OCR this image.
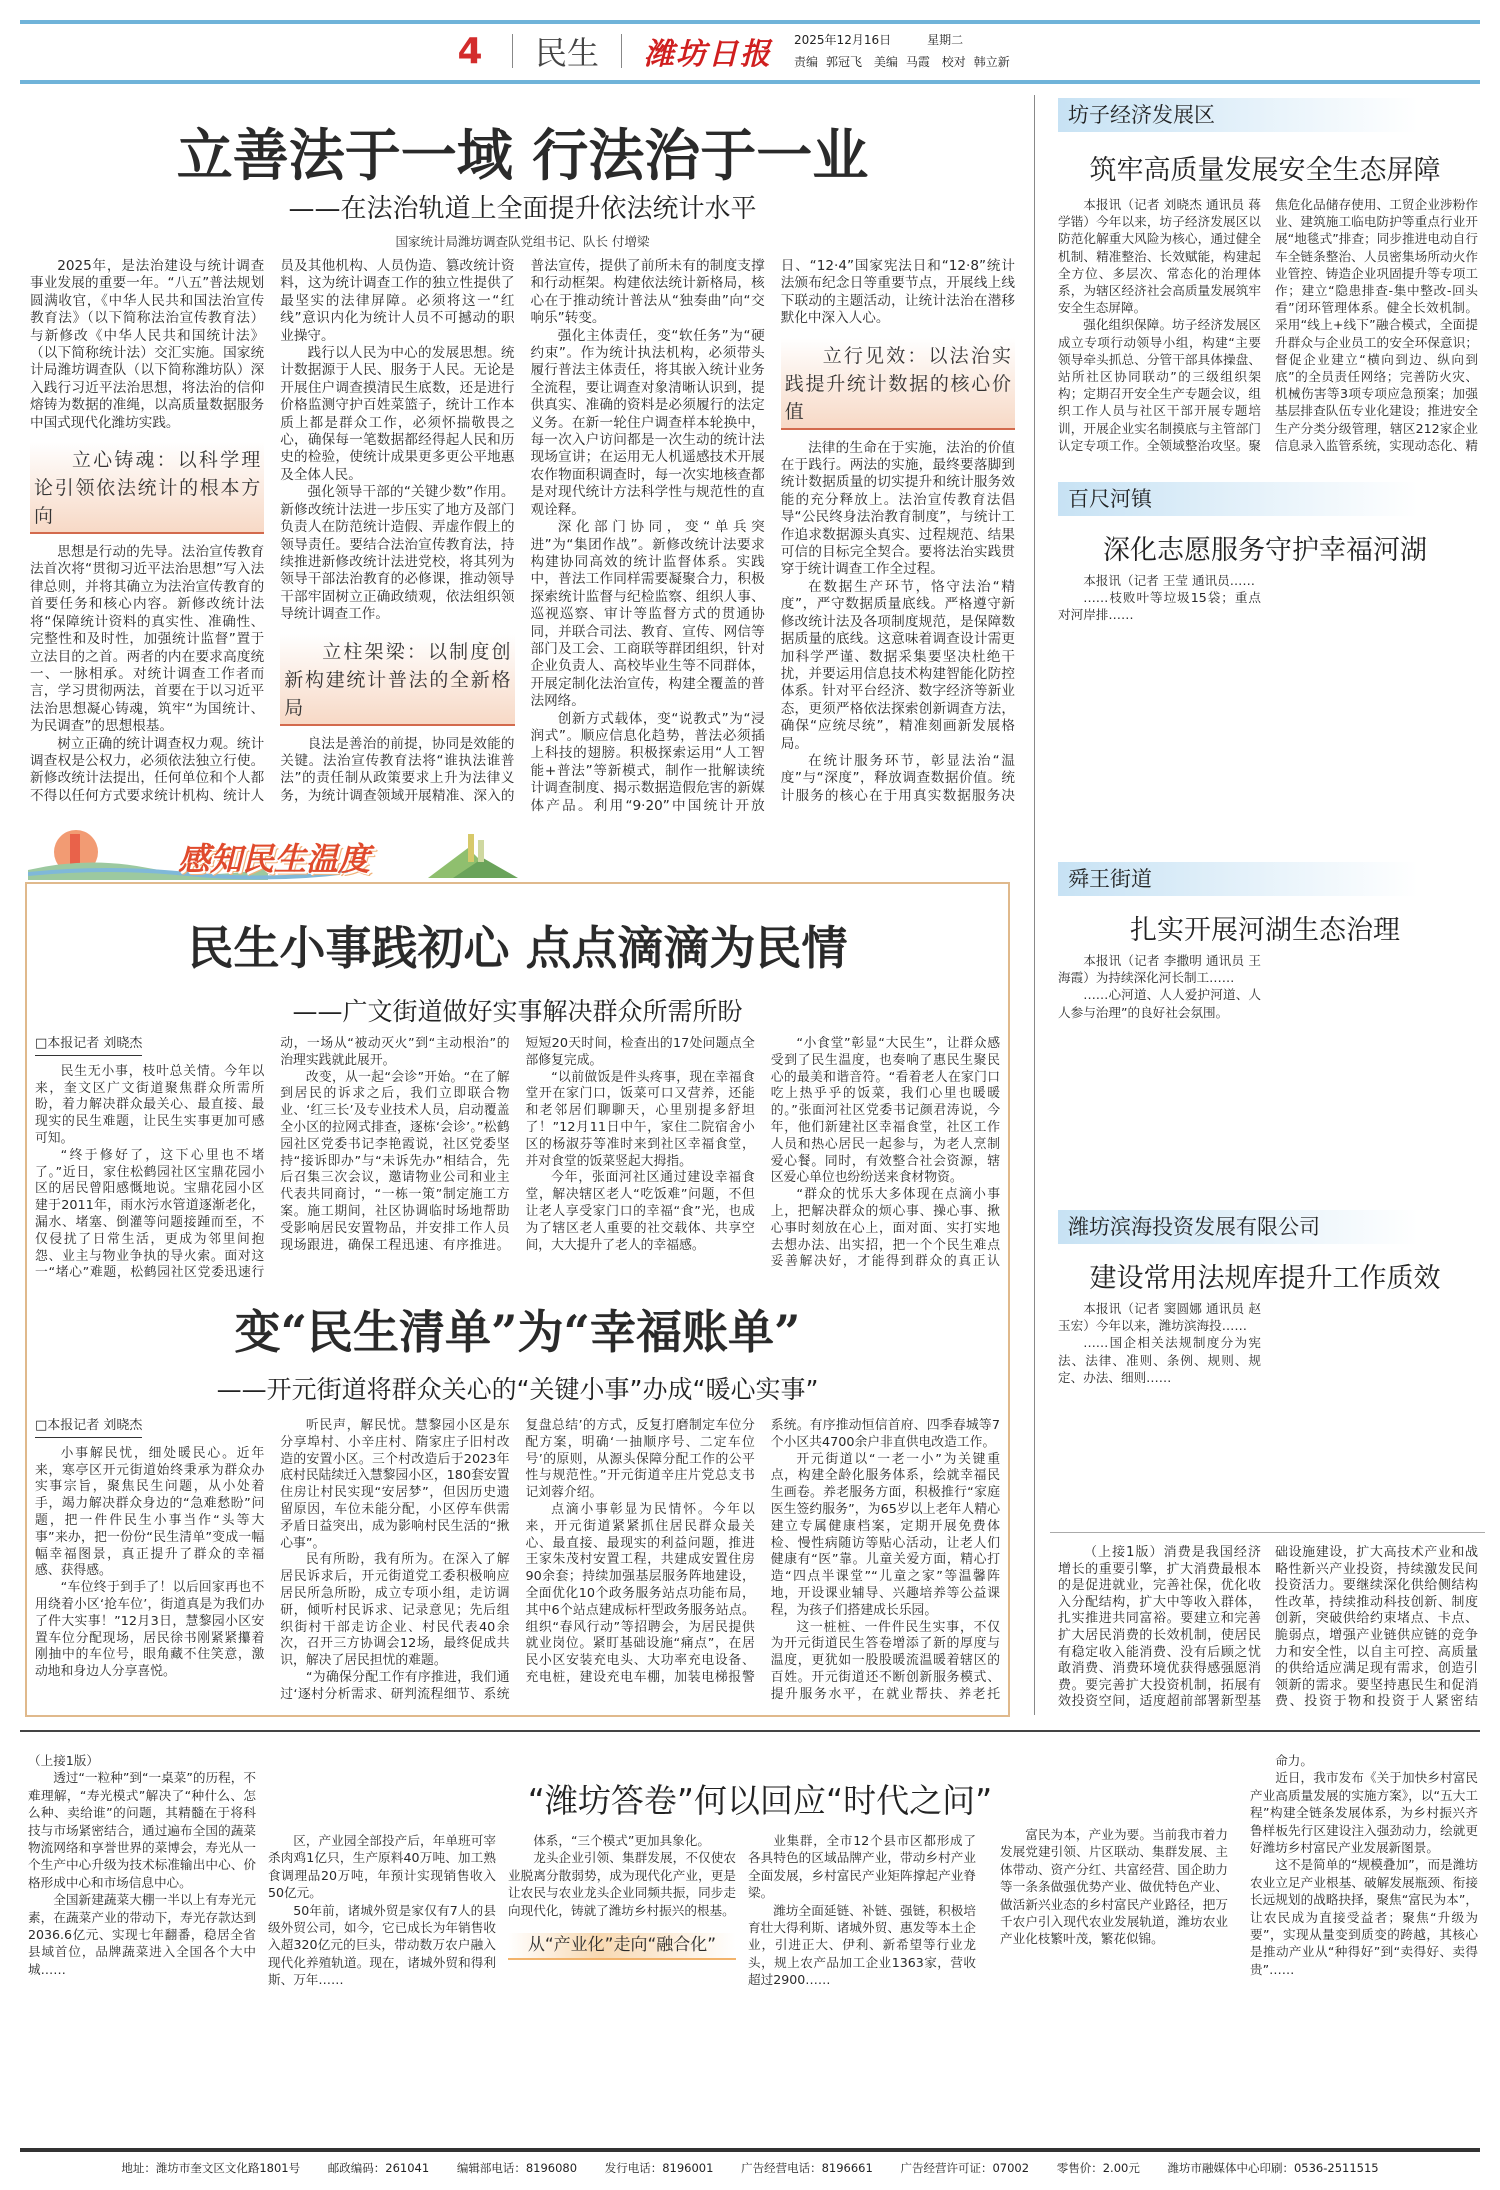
4 民生 潍坊日报 2025年12月16日	星期二
责编 郭冠飞 美编 马霞 校对 韩立新
立善法于一域 行法治于一业
——在法治轨道上全面提升依法统计水平
国家统计局潍坊调查队党组书记、队长 付增梁

2025年，是法治建设与统计调查事业发展的重要一年。“八五”普法规划圆满收官，《中华人民共和国法治宣传教育法》（以下简称法治宣传教育法）与新修改《中华人民共和国统计法》（以下简称统计法）交汇实施。国家统计局潍坊调查队（以下简称潍坊队）深入践行习近平法治思想，将法治的信仰熔铸为数据的准绳，以高质量数据服务中国式现代化潍坊实践。

立心铸魂：以科学理论引领依法统计的根本方向

思想是行动的先导。法治宣传教育法首次将“贯彻习近平法治思想”写入法律总则，并将其确立为法治宣传教育的首要任务和核心内容。新修改统计法将“保障统计资料的真实性、准确性、完整性和及时性，加强统计监督”置于立法目的之首。两者的内在要求高度统一、一脉相承。对统计调查工作者而言，学习贯彻两法，首要在于以习近平法治思想凝心铸魂，筑牢“为国统计、为民调查”的思想根基。

树立正确的统计调查权力观。统计调查权是公权力，必须依法独立行使。新修改统计法提出，任何单位和个人都不得以任何方式要求统计机构、统计人员及其他机构、人员伪造、篡改统计资料，这为统计调查工作的独立性提供了最坚实的法律屏障。必须将这一“红线”意识内化为统计人员不可撼动的职业操守。

践行以人民为中心的发展思想。统计数据源于人民、服务于人民。无论是开展住户调查摸清民生底数，还是进行价格监测守护百姓菜篮子，统计工作本质上都是群众工作，必须怀揣敬畏之心，确保每一笔数据都经得起人民和历史的检验，使统计成果更多更公平地惠及全体人民。

强化领导干部的“关键少数”作用。新修改统计法进一步压实了地方及部门负责人在防范统计造假、弄虚作假上的领导责任。要结合法治宣传教育法，持续推进新修改统计法进党校，将其列为领导干部法治教育的必修课，推动领导干部牢固树立正确政绩观，依法组织领导统计调查工作。

立柱架梁：以制度创新构建统计普法的全新格局

良法是善治的前提，协同是效能的关键。法治宣传教育法将“谁执法谁普法”的责任制从政策要求上升为法律义务，为统计调查领域开展精准、深入的普法宣传，提供了前所未有的制度支撑和行动框架。构建依法统计新格局，核心在于推动统计普法从“独奏曲”向“交响乐”转变。

强化主体责任，变“软任务”为“硬约束”。作为统计执法机构，必须带头履行普法主体责任，将其嵌入统计业务全流程，要让调查对象清晰认识到，提供真实、准确的资料是必须履行的法定义务。在新一轮住户调查样本轮换中，每一次入户访问都是一次生动的统计法现场宣讲；在运用无人机遥感技术开展农作物面积调查时，每一次实地核查都是对现代统计方法科学性与规范性的直观诠释。

深化部门协同，变“单兵突进”为“集团作战”。新修改统计法要求构建协同高效的统计监督体系。实践中，普法工作同样需要凝聚合力，积极探索统计监督与纪检监察、组织人事、巡视巡察、审计等监督方式的贯通协同，并联合司法、教育、宣传、网信等部门及工会、工商联等群团组织，针对企业负责人、高校毕业生等不同群体，开展定制化法治宣传，构建全覆盖的普法网络。

创新方式载体，变“说教式”为“浸润式”。顺应信息化趋势，普法必须插上科技的翅膀。积极探索运用“人工智能+普法”等新模式，制作一批解读统计调查制度、揭示数据造假危害的新媒体产品。利用“9·20”中国统计开放日、“12·4”国家宪法日和“12·8”统计法颁布纪念日等重要节点，开展线上线下联动的主题活动，让统计法治在潜移默化中深入人心。

立行见效：以法治实践提升统计数据的核心价值

法律的生命在于实施，法治的价值在于践行。两法的实施，最终要落脚到统计数据质量的切实提升和统计服务效能的充分释放上。法治宣传教育法倡导“公民终身法治教育制度”，与统计工作追求数据源头真实、过程规范、结果可信的目标完全契合。要将法治实践贯穿于统计调查工作全过程。

在数据生产环节，恪守法治“精度”，严守数据质量底线。严格遵守新修改统计法及各项制度规范，是保障数据质量的底线。这意味着调查设计需更加科学严谨、数据采集要坚决杜绝干扰，并要运用信息技术构建智能化防控体系。针对平台经济、数字经济等新业态，更须严格依法探索创新调查方法，确保“应统尽统”，精准刻画新发展格局。

在统计服务环节，彰显法治“温度”与“深度”，释放调查数据价值。统计服务的核心在于用真实数据服务决

感知民生温度
民生小事践初心 点点滴滴为民情
——广文街道做好实事解决群众所需所盼
□本报记者 刘晓杰

民生无小事，枝叶总关情。今年以来，奎文区广文街道聚焦群众所需所盼，着力解决群众最关心、最直接、最现实的民生难题，让民生实事更加可感可知。

“终于修好了，这下心里也不堵了。”近日，家住松鹤园社区宝鼎花园小区的居民曾阳感慨地说。宝鼎花园小区建于2011年，雨水污水管道逐渐老化，漏水、堵塞、倒灌等问题接踵而至，不仅侵扰了日常生活，更成为邻里间抱怨、业主与物业争执的导火索。面对这一“堵心”难题，松鹤园社区党委迅速行动，一场从“被动灭火”到“主动根治”的治理实践就此展开。

改变，从一起“会诊”开始。“在了解到居民的诉求之后，我们立即联合物业、‘红三长’及专业技术人员，启动覆盖全小区的拉网式排查，逐栋‘会诊’。”松鹤园社区党委书记李艳霞说，社区党委坚持“接诉即办”与“未诉先办”相结合，先后召集三次会议，邀请物业公司和业主代表共同商讨，“一栋一策”制定施工方案。施工期间，社区协调临时场地帮助受影响居民安置物品，并安排工作人员现场跟进，确保工程迅速、有序推进。短短20天时间，检查出的17处问题点全部修复完成。

“以前做饭是件头疼事，现在幸福食堂开在家门口，饭菜可口又营养，还能和老邻居们聊聊天，心里别提多舒坦了！”12月11日中午，家住二院宿舍小区的杨淑芬等准时来到社区幸福食堂，并对食堂的饭菜竖起大拇指。

今年，张面河社区通过建设幸福食堂，解决辖区老人“吃饭难”问题，不但让老人享受家门口的幸福“食”光，也成为了辖区老人重要的社交载体、共享空间，大大提升了老人的幸福感。

“小食堂”彰显“大民生”，让群众感受到了民生温度，也奏响了惠民生聚民心的最美和谐音符。“看着老人在家门口吃上热乎乎的饭菜，我们心里也暖暖的。”张面河社区党委书记颜君涛说，今年，他们新建社区幸福食堂，社区工作人员和热心居民一起参与，为老人烹制爱心餐。同时，有效整合社会资源，辖区爱心单位也纷纷送来食材物资。

“群众的忧乐大多体现在点滴小事上，把解决群众的烦心事、操心事、揪心事时刻放在心上，面对面、实打实地去想办法、出实招，把一个个民生难点妥善解决好，才能得到群众的真正认

变“民生清单”为“幸福账单”
——开元街道将群众关心的“关键小事”办成“暖心实事”
□本报记者 刘晓杰

小事解民忧，细处暖民心。近年来，寒亭区开元街道始终秉承为群众办实事宗旨，聚焦民生问题，从小处着手，竭力解决群众身边的“急难愁盼”问题，把一件件民生小事当作“头等大事”来办，把一份份“民生清单”变成一幅幅幸福图景，真正提升了群众的幸福感、获得感。

“车位终于到手了！以后回家再也不用绕着小区‘抢车位’，街道真是为我们办了件大实事！”12月3日，慧黎园小区安置车位分配现场，居民徐书刚紧紧攥着刚抽中的车位号，眼角藏不住笑意，激动地和身边人分享喜悦。

听民声，解民忧。慧黎园小区是东分享埠村、小辛庄村、隋家庄子旧村改造的安置小区。三个村改造后于2023年底村民陆续迁入慧黎园小区，180套安置住房让村民实现“安居梦”，但因历史遗留原因，车位未能分配，小区停车供需矛盾日益突出，成为影响村民生活的“揪心事”。

民有所盼，我有所为。在深入了解居民诉求后，开元街道党工委积极响应居民所急所盼，成立专项小组，走访调研，倾听村民诉求、记录意见；先后组织街村干部走访企业、村民代表40余次，召开三方协调会12场，最终促成共识，解决了居民担忧的难题。

“为确保分配工作有序推进，我们通过‘逐村分析需求、研判流程细节、系统复盘总结’的方式，反复打磨制定车位分配方案，明确‘一抽顺序号、二定车位号’的原则，从源头保障分配工作的公平性与规范性。”开元街道辛庄片党总支书记刘蓉介绍。

点滴小事彰显为民情怀。今年以来，开元街道紧紧抓住居民群众最关心、最直接、最现实的利益问题，推进王家朱茂村安置工程，共建成安置住房90余套；持续加强基层服务阵地建设，全面优化10个政务服务站点功能布局，其中6个站点建成标杆型政务服务站点。组织“春风行动”等招聘会，为居民提供就业岗位。紧盯基础设施“痛点”，在居民小区安装充电头、大功率充电设备、充电桩，建设充电车棚，加装电梯报警系统。有序推动恒信首府、四季春城等7个小区共4700余户非直供电改造工作。

开元街道以“一老一小”为关键重点，构建全龄化服务体系，绘就幸福民生画卷。养老服务方面，积极推行“家庭医生签约服务”，为65岁以上老年人精心建立专属健康档案，定期开展免费体检、慢性病随访等贴心活动，让老人们健康有“医”靠。儿童关爱方面，精心打造“四点半课堂”“儿童之家”等温馨阵地，开设课业辅导、兴趣培养等公益课程，为孩子们搭建成长乐园。

这一桩桩、一件件民生实事，不仅为开元街道民生答卷增添了新的厚度与温度，更犹如一股股暖流温暖着辖区的百姓。开元街道还不断创新服务模式、提升服务水平，在就业帮扶、养老托

坊子经济发展区
筑牢高质量发展安全生态屏障

本报讯（记者 刘晓杰 通讯员 蒋学锴）今年以来，坊子经济发展区以防范化解重大风险为核心，通过健全机制、精准整治、长效赋能，构建起全方位、多层次、常态化的治理体系，为辖区经济社会高质量发展筑牢安全生态屏障。

强化组织保障。坊子经济发展区成立专项行动领导小组，构建“主要领导牵头抓总、分管干部具体操盘、站所社区协同联动”的三级组织架构；定期召开安全生产专题会议，组织工作人员与社区干部开展专题培训，开展企业实名制摸底与主管部门认定专项工作。全领域整治攻坚。聚焦危化品储存使用、工贸企业涉粉作业、建筑施工临电防护等重点行业开展“地毯式”排查；同步推进电动自行车全链条整治、人员密集场所动火作业管控、铸造企业巩固提升等专项工作；建立“隐患排查-集中整改-回头看”闭环管理体系。健全长效机制。采用“线上+线下”融合模式，全面提升群众与企业员工的安全环保意识；督促企业建立“横向到边、纵向到底”的全员责任网络；完善防火灾、机械伤害等3项专项应急预案；加强基层排查队伍专业化建设；推进安全生产分类分级管理，辖区212家企业信息录入监管系统，实现动态化、精

百尺河镇
深化志愿服务守护幸福河湖

本报讯（记者 王莹 通讯员……

……枝败叶等垃圾15袋；重点对河岸排……

舜王街道
扎实开展河湖生态治理

本报讯（记者 李撒明 通讯员 王海霞）为持续深化河长制工……

……心河道、人人爱护河道、人人参与治理”的良好社会氛围。

潍坊滨海投资发展有限公司
建设常用法规库提升工作质效

本报讯（记者 窦圆娜 通讯员 赵玉宏）今年以来，潍坊滨海投……

……国企相关法规制度分为宪法、法律、准则、条例、规则、规定、办法、细则……

（上接1版）消费是我国经济增长的重要引擎，扩大消费最根本的是促进就业，完善社保，优化收入分配结构，扩大中等收入群体，扎实推进共同富裕。要建立和完善扩大居民消费的长效机制，使居民有稳定收入能消费、没有后顾之忧敢消费、消费环境优获得感强愿消费。要完善扩大投资机制，拓展有效投资空间，适度超前部署新型基础设施建设，扩大高技术产业和战略性新兴产业投资，持续激发民间投资活力。要继续深化供给侧结构性改革，持续推动科技创新、制度创新，突破供给约束堵点、卡点、脆弱点，增强产业链供应链的竞争力和安全性，以自主可控、高质量的供给适应满足现有需求，创造引领新的需求。要坚持惠民生和促消费、投资于物和投资于人紧密结

（上接1版）

透过“一粒种”到“一桌菜”的历程，不难理解，“寿光模式”解决了“种什么、怎么种、卖给谁”的问题，其精髓在于将科技与市场紧密结合，通过遍布全国的蔬菜物流网络和享誉世界的菜博会，寿光从一个生产中心升级为技术标准输出中心、价格形成中心和市场信息中心。

全国新建蔬菜大棚一半以上有寿光元素，在蔬菜产业的带动下，寿光存款达到2036.6亿元、实现七年翻番，稳居全省县域首位，品牌蔬菜进入全国各个大中城……

“潍坊答卷”何以回应“时代之问”

区，产业园全部投产后，年单班可宰杀肉鸡1亿只，生产原料40万吨、加工熟食调理品20万吨，年预计实现销售收入50亿元。

50年前，诸城外贸是家仅有7人的县级外贸公司，如今，它已成长为年销售收入超320亿元的巨头，带动数万农户融入现代化养殖轨道。现在，诸城外贸和得利斯、万年……

体系，“三个模式”更加具象化。

龙头企业引领、集群发展，不仅使农业脱离分散弱势，成为现代化产业，更是让农民与农业龙头企业同频共振，同步走向现代化，铸就了潍坊乡村振兴的根基。

从“产业化”走向“融合化”

业集群，全市12个县市区都形成了各具特色的区域品牌产业，带动乡村产业全面发展，乡村富民产业矩阵撑起产业脊梁。

潍坊全面延链、补链、强链，积极培育壮大得利斯、诸城外贸、惠发等本土企业，引进正大、伊利、新希望等行业龙头，规上农产品加工企业1363家，营收超过2900……

富民为本，产业为要。当前我市着力发展党建引领、片区联动、集群发展、主体带动、资产分红、共富经营、国企助力等一条条做强优势产业、做优特色产业、做活新兴业态的乡村富民产业路径，把万千农户引入现代农业发展轨道，潍坊农业产业化枝繁叶茂，繁花似锦。

命力。

近日，我市发布《关于加快乡村富民产业高质量发展的实施方案》，以“五大工程”构建全链条发展体系，为乡村振兴齐鲁样板先行区建设注入强劲动力，绘就更好潍坊乡村富民产业发展新图景。

这不是简单的“规模叠加”，而是潍坊农业立足产业根基、破解发展瓶颈、衔接长远规划的战略抉择，聚焦“富民为本”，让农民成为直接受益者；聚焦“升级为要”，实现从量变到质变的跨越，其核心是推动产业从“种得好”到“卖得好、卖得贵”……

地址：潍坊市奎文区文化路1801号 邮政编码：261041 编辑部电话：8196080 发行电话：8196001 广告经营电话：8196661 广告经营许可证：07002 零售价：2.00元 潍坊市融媒体中心印刷：0536-2511515
